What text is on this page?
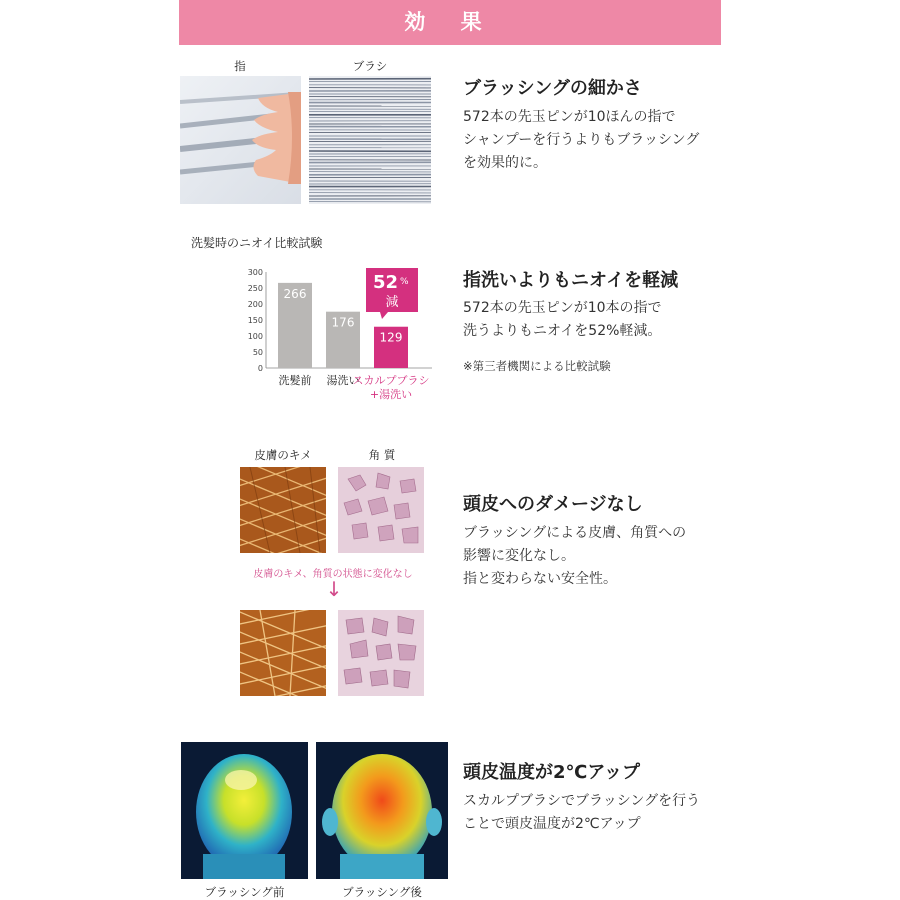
効 果
指	ブラシ
ブラッシングの細かさ
572本の先玉ピンが10ほんの指で
シャンプーを行うよりもブラッシング
を効果的に。
洗髪時のニオイ比較試験
0
50
100
150
200
250
300
266
洗髪前
176
湯洗い
129
スカルプブラシ
+湯洗い
52 %
減
指洗いよりもニオイを軽減
572本の先玉ピンが10本の指で
洗うよりもニオイを52%軽減。
※第三者機関による比較試験
皮膚のキメ	角 質
皮膚のキメ、角質の状態に変化なし
↓
頭皮へのダメージなし
ブラッシングによる皮膚、角質への
影響に変化なし。
指と変わらない安全性。
ブラッシング前	ブラッシング後
頭皮温度が2℃アップ
スカルプブラシでブラッシングを行う
ことで頭皮温度が2℃アップ
